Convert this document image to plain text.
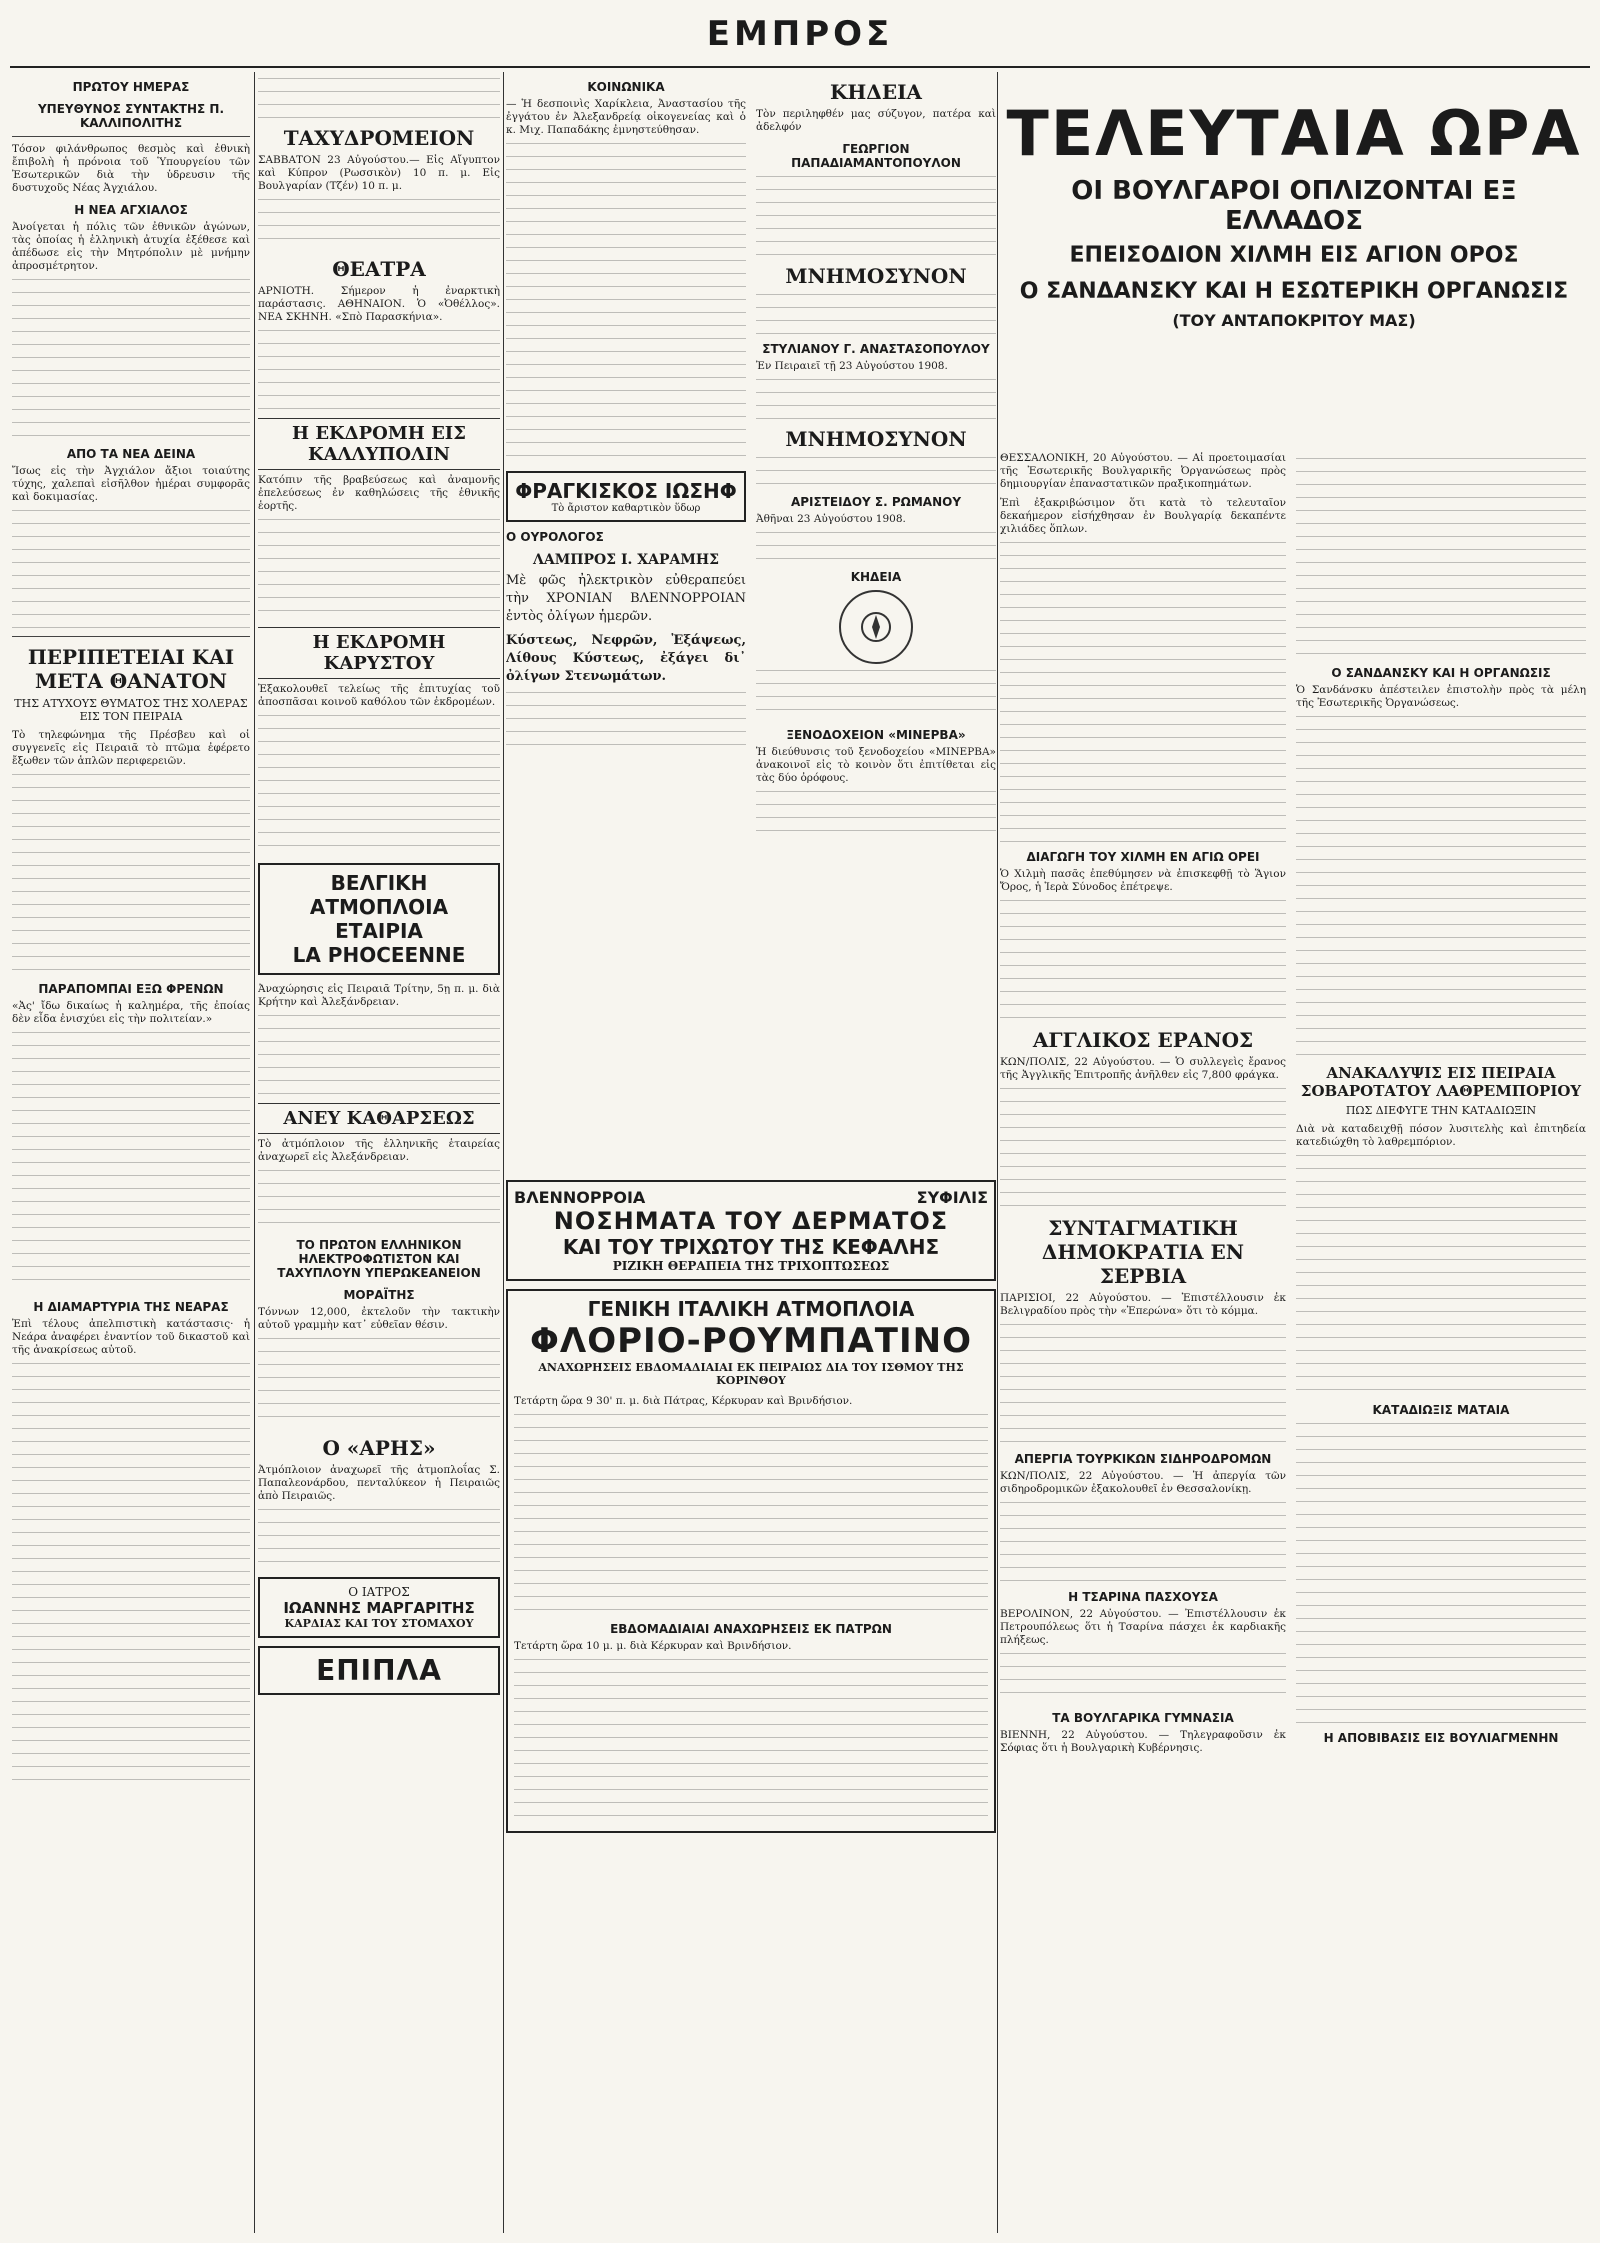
ΕΜΠΡΟΣ
ΠΡΩΤΟΥ ΗΜΕΡΑΣ
ΥΠΕΥΘΥΝΟΣ ΣΥΝΤΑΚΤΗΣ Π. ΚΑΛΛΙΠΟΛΙΤΗΣ

Τόσον φιλάνθρωπος θεσμὸς καὶ ἐθνικὴ ἔπιβολὴ ἡ πρόνοια τοῦ Ὑπουργείου τῶν Ἐσωτερικῶν διὰ τὴν ὑδρευσιν τῆς δυστυχοῦς Νέας Ἀγχιάλου.

Η ΝΕΑ ΑΓΧΙΑΛΟΣ

Ἀνοίγεται ἡ πόλις τῶν ἐθνικῶν ἀγώνων, τὰς ὁποίας ἡ ἑλληνικὴ ἀτυχία ἐξέθεσε καὶ ἀπέδωσε εἰς τὴν Μητρόπολιν μὲ μνήμην ἀπροσμέτρητον.

ΑΠΟ ΤΑ ΝΕΑ ΔΕΙΝΑ

Ἴσως εἰς τὴν Ἀγχιάλον ἄξιοι τοιαύτης τύχης, χαλεπαὶ εἰσῆλθον ἡμέραι συμφορᾶς καὶ δοκιμασίας.

ΠΕΡΙΠΕΤΕΙΑΙ ΚΑΙ ΜΕΤΑ ΘΑΝΑΤΟΝ
ΤΗΣ ΑΤΥΧΟΥΣ ΘΥΜΑΤΟΣ ΤΗΣ ΧΟΛΕΡΑΣ ΕΙΣ ΤΟΝ ΠΕΙΡΑΙΑ

Τὸ τηλεφώνημα τῆς Πρέσβευ καὶ οἱ συγγενεῖς εἰς Πειραιᾶ τὸ πτῶμα ἐφέρετο ἔξωθεν τῶν ἁπλῶν περιφερειῶν.

ΠΑΡΑΠΟΜΠΑΙ ΕΞΩ ΦΡΕΝΩΝ

«Ἀς' ἴδω δικαίως ἡ καλημέρα, τῆς ἐποίας δὲν εἶδα ἐνισχύει εἰς τὴν πολιτείαν.»

Η ΔΙΑΜΑΡΤΥΡΙΑ ΤΗΣ ΝΕΑΡΑΣ

Ἐπὶ τέλους ἀπελπιστικὴ κατάστασις· ἡ Νεάρα ἀναφέρει ἐναντίον τοῦ δικαστοῦ καὶ τῆς ἀνακρίσεως αὐτοῦ.

ΤΑΧΥΔΡΟΜΕΙΟΝ

ΣΑΒΒΑΤΟΝ 23 Αὐγούστου.— Εἰς Αἴγυπτον καὶ Κύπρον (Ρωσσικὸν) 10 π. μ. Εἰς Βουλγαρίαν (Τζέν) 10 π. μ.

ΘΕΑΤΡΑ

ΑΡΝΙΟΤΗ. Σήμερον ἡ ἐναρκτικὴ παράστασις. ΑΘΗΝΑΙΟΝ. Ὁ «Ὀθέλλος». ΝΕΑ ΣΚΗΝΗ. «Σπὸ Παρασκήνια».

Η ΕΚΔΡΟΜΗ ΕΙΣ ΚΑΛΛΥΠΟΛΙΝ

Κατόπιν τῆς βραβεύσεως καὶ ἀναμονῆς ἐπελεύσεως ἐν καθηλώσεις τῆς ἐθνικῆς ἑορτῆς.

Η ΕΚΔΡΟΜΗ ΚΑΡΥΣΤΟΥ

Ἐξακολουθεῖ τελείως τῆς ἐπιτυχίας τοῦ ἀποσπᾶσαι κοινοῦ καθόλου τῶν ἐκδρομέων.

ΒΕΛΓΙΚΗ
ΑΤΜΟΠΛΟΙΑ ΕΤΑΙΡΙΑ
LA PHOCEENNE

Ἀναχώρησις εἰς Πειραιᾶ Τρίτην, 5ῃ π. μ. διὰ Κρήτην καὶ Ἀλεξάνδρειαν.

ΑΝΕΥ ΚΑΘΑΡΣΕΩΣ

Τὸ ἀτμόπλοιον τῆς ἑλληνικῆς ἑταιρείας ἀναχωρεῖ εἰς Ἀλεξάνδρειαν.

ΤΟ ΠΡΩΤΟΝ ΕΛΛΗΝΙΚΟΝ ΗΛΕΚΤΡΟΦΩΤΙΣΤΟΝ ΚΑΙ ΤΑΧΥΠΛΟΥΝ ΥΠΕΡΩΚΕΑΝΕΙΟΝ
ΜΟΡΑΪΤΗΣ

Τόννων 12,000, ἐκτελοῦν τὴν τακτικὴν αὐτοῦ γραμμὴν κατ᾽ εὐθεῖαν θέσιν.

Ο «ΑΡΗΣ»

Ἀτμόπλοιον ἀναχωρεῖ τῆς ἀτμοπλοΐας Σ. Παπαλεονάρδου, πενταλύκεον ἡ Πειραιῶς ἀπὸ Πειραιῶς.

Ο ΙΑΤΡΟΣ
ΙΩΑΝΝΗΣ ΜΑΡΓΑΡΙΤΗΣ
ΚΑΡΔΙΑΣ ΚΑΙ ΤΟΥ ΣΤΟΜΑΧΟΥ
ΕΠΙΠΛΑ
ΚΟΙΝΩΝΙΚΑ

— Ἡ δεσποινὶς Χαρίκλεια, Ἀναστασίου τῆς ἐγγάτου ἐν Ἀλεξανδρείᾳ οἰκογενείας καὶ ὁ κ. Μιχ. Παπαδάκης ἐμνηστεύθησαν.

ΦΡΑΓΚΙΣΚΟΣ ΙΩΣΗΦ
Τὸ ἄριστον καθαρτικὸν ὕδωρ
Ο ΟΥΡΟΛΟΓΟΣ
ΛΑΜΠΡΟΣ Ι. ΧΑΡΑΜΗΣ

Μὲ φῶς ἠλεκτρικὸν εὐθεραπεύει τὴν ΧΡΟΝΙΑΝ ΒΛΕΝΝΟΡΡΟΙΑΝ ἐντὸς ὀλίγων ἡμερῶν.

Κύστεως, Νεφρῶν, Ἐξάψεως, Λίθους Κύστεως, ἐξάγει δι᾽ ὀλίγων Στενωμάτων.

ΚΗΔΕΙΑ

Τὸν περιληφθέν μας σύζυγον, πατέρα καὶ ἀδελφόν

ΓΕΩΡΓΙΟΝ ΠΑΠΑΔΙΑΜΑΝΤΟΠΟΥΛΟΝ
ΜΝΗΜΟΣΥΝΟΝ
ΣΤΥΛΙΑΝΟΥ Γ. ΑΝΑΣΤΑΣΟΠΟΥΛΟΥ

Ἐν Πειραιεῖ τῇ 23 Αὐγούστου 1908.

ΜΝΗΜΟΣΥΝΟΝ
ΑΡΙΣΤΕΙΔΟΥ Σ. ΡΩΜΑΝΟΥ

Ἀθῆναι 23 Αὐγούστου 1908.

ΚΗΔΕΙΑ
ΞΕΝΟΔΟΧΕΙΟΝ «ΜΙΝΕΡΒΑ»

Ἡ διεύθυνσις τοῦ ξενοδοχείου «ΜΙΝΕΡΒΑ» ἀνακοινοῖ εἰς τὸ κοινὸν ὅτι ἐπιτίθεται εἰς τὰς δύο ὀρόφους.

ΒΛΕΝΝΟΡΡΟΙΑ	ΣΥΦΙΛΙΣ
ΝΟΣΗΜΑΤΑ ΤΟΥ ΔΕΡΜΑΤΟΣ
ΚΑΙ ΤΟΥ ΤΡΙΧΩΤΟΥ ΤΗΣ ΚΕΦΑΛΗΣ
ΡΙΖΙΚΗ ΘΕΡΑΠΕΙΑ ΤΗΣ ΤΡΙΧΟΠΤΩΣΕΩΣ
ΓΕΝΙΚΗ ΙΤΑΛΙΚΗ ΑΤΜΟΠΛΟΙΑ
ΦΛΟΡΙΟ-ΡΟΥΜΠΑΤΙΝΟ
ΑΝΑΧΩΡΗΣΕΙΣ ΕΒΔΟΜΑΔΙΑΙΑΙ ΕΚ ΠΕΙΡΑΙΩΣ ΔΙΑ ΤΟΥ ΙΣΘΜΟΥ ΤΗΣ ΚΟΡΙΝΘΟΥ

Τετάρτη ὥρα 9 30' π. μ. διὰ Πάτρας, Κέρκυραν καὶ Βρινδήσιον.

ΕΒΔΟΜΑΔΙΑΙΑΙ ΑΝΑΧΩΡΗΣΕΙΣ ΕΚ ΠΑΤΡΩΝ

Τετάρτη ὥρα 10 μ. μ. διὰ Κέρκυραν καὶ Βρινδήσιον.

ΤΕΛΕΥΤΑΙΑ ΩΡΑ
ΟΙ ΒΟΥΛΓΑΡΟΙ ΟΠΛΙΖΟΝΤΑΙ ΕΞ ΕΛΛΑΔΟΣ
ΕΠΕΙΣΟΔΙΟΝ ΧΙΛΜΗ ΕΙΣ ΑΓΙΟΝ ΟΡΟΣ
Ο ΣΑΝΔΑΝΣΚΥ ΚΑΙ Η ΕΣΩΤΕΡΙΚΗ ΟΡΓΑΝΩΣΙΣ
(ΤΟΥ ΑΝΤΑΠΟΚΡΙΤΟΥ ΜΑΣ)

ΘΕΣΣΑΛΟΝΙΚΗ, 20 Αὐγούστου. — Αἱ προετοιμασίαι τῆς Ἐσωτερικῆς Βουλγαρικῆς Ὀργανώσεως πρὸς δημιουργίαν ἐπαναστατικῶν πραξικοπημάτων.

Ἐπὶ ἐξακριβώσιμον ὅτι κατὰ τὸ τελευταῖον δεκαήμερον εἰσήχθησαν ἐν Βουλγαρίᾳ δεκαπέντε χιλιάδες ὅπλων.

ΔΙΑΓΩΓΗ ΤΟΥ ΧΙΛΜΗ ΕΝ ΑΓΙΩ ΟΡΕΙ

Ὁ Χιλμὴ πασᾶς ἐπεθύμησεν νὰ ἐπισκεφθῇ τὸ Ἅγιον Ὄρος, ἡ Ἱερὰ Σύνοδος ἐπέτρεψε.

ΑΓΓΛΙΚΟΣ ΕΡΑΝΟΣ

ΚΩΝ/ΠΟΛΙΣ, 22 Αὐγούστου. — Ὁ συλλεγεὶς ἔρανος τῆς Ἀγγλικῆς Ἐπιτροπῆς ἀνῆλθεν εἰς 7,800 φράγκα.

ΣΥΝΤΑΓΜΑΤΙΚΗ ΔΗΜΟΚΡΑΤΙΑ ΕΝ ΣΕΡΒΙΑ

ΠΑΡΙΣΙΟΙ, 22 Αὐγούστου. — Ἐπιστέλλουσιν ἐκ Βελιγραδίου πρὸς τὴν «Ἐπερώνα» ὅτι τὸ κόμμα.

ΑΠΕΡΓΙΑ ΤΟΥΡΚΙΚΩΝ ΣΙΔΗΡΟΔΡΟΜΩΝ

ΚΩΝ/ΠΟΛΙΣ, 22 Αὐγούστου. — Ἡ ἀπεργία τῶν σιδηροδρομικῶν ἐξακολουθεῖ ἐν Θεσσαλονίκῃ.

Η ΤΣΑΡΙΝΑ ΠΑΣΧΟΥΣΑ

ΒΕΡΟΛΙΝΟΝ, 22 Αὐγούστου. — Ἐπιστέλλουσιν ἐκ Πετρουπόλεως ὅτι ἡ Τσαρίνα πάσχει ἐκ καρδιακῆς πλήξεως.

ΤΑ ΒΟΥΛΓΑΡΙΚΑ ΓΥΜΝΑΣΙΑ

ΒΙΕΝΝΗ, 22 Αὐγούστου. — Τηλεγραφοῦσιν ἐκ Σόφιας ὅτι ἡ Βουλγαρικὴ Κυβέρνησις.

Ο ΣΑΝΔΑΝΣΚΥ ΚΑΙ Η ΟΡΓΑΝΩΣΙΣ

Ὁ Σανδάνσκυ ἀπέστειλεν ἐπιστολὴν πρὸς τὰ μέλη τῆς Ἐσωτερικῆς Ὀργανώσεως.

ΑΝΑΚΑΛΥΨΙΣ ΕΙΣ ΠΕΙΡΑΙΑ ΣΟΒΑΡΟΤΑΤΟΥ ΛΑΘΡΕΜΠΟΡΙΟΥ
ΠΩΣ ΔΙΕΦΥΓΕ ΤΗΝ ΚΑΤΑΔΙΩΞΙΝ

Διὰ νὰ καταδειχθῇ πόσον λυσιτελὴς καὶ ἐπιτηδεία κατεδιώχθη τὸ λαθρεμπόριον.

ΚΑΤΑΔΙΩΞΙΣ ΜΑΤΑΙΑ
Η ΑΠΟΒΙΒΑΣΙΣ ΕΙΣ ΒΟΥΛΙΑΓΜΕΝΗΝ
